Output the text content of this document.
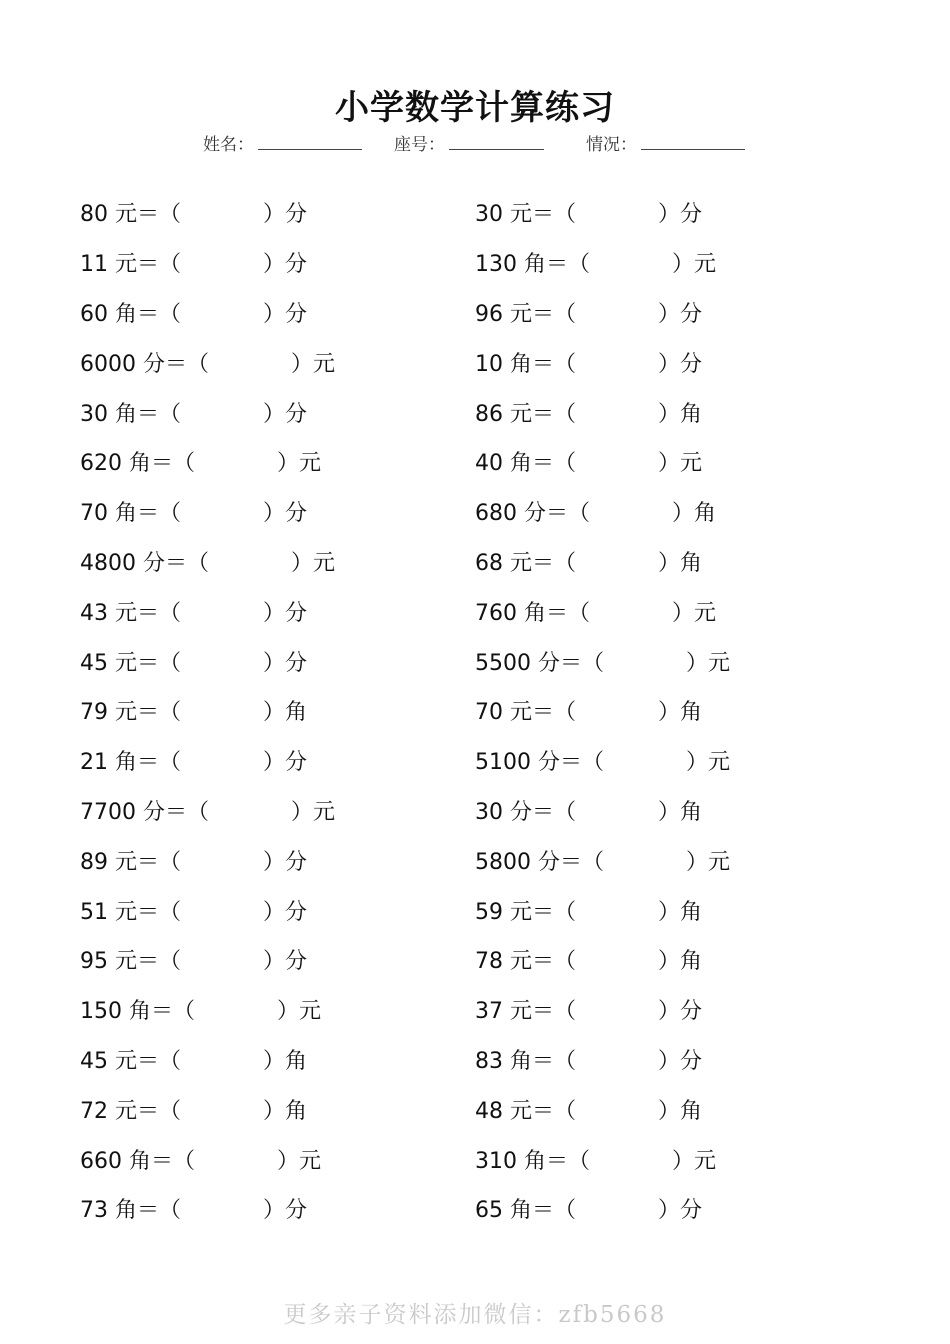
小学数学计算练习
姓名：	座号：	情况：
80 元＝（	）分
11 元＝（	）分
60 角＝（	）分
6000 分＝（	）元
30 角＝（	）分
620 角＝（	）元
70 角＝（	）分
4800 分＝（	）元
43 元＝（	）分
45 元＝（	）分
79 元＝（	）角
21 角＝（	）分
7700 分＝（	）元
89 元＝（	）分
51 元＝（	）分
95 元＝（	）分
150 角＝（	）元
45 元＝（	）角
72 元＝（	）角
660 角＝（	）元
73 角＝（	）分
30 元＝（	）分
130 角＝（	）元
96 元＝（	）分
10 角＝（	）分
86 元＝（	）角
40 角＝（	）元
680 分＝（	）角
68 元＝（	）角
760 角＝（	）元
5500 分＝（	）元
70 元＝（	）角
5100 分＝（	）元
30 分＝（	）角
5800 分＝（	）元
59 元＝（	）角
78 元＝（	）角
37 元＝（	）分
83 角＝（	）分
48 元＝（	）角
310 角＝（	）元
65 角＝（	）分
更多亲子资料添加微信：zfb5668
